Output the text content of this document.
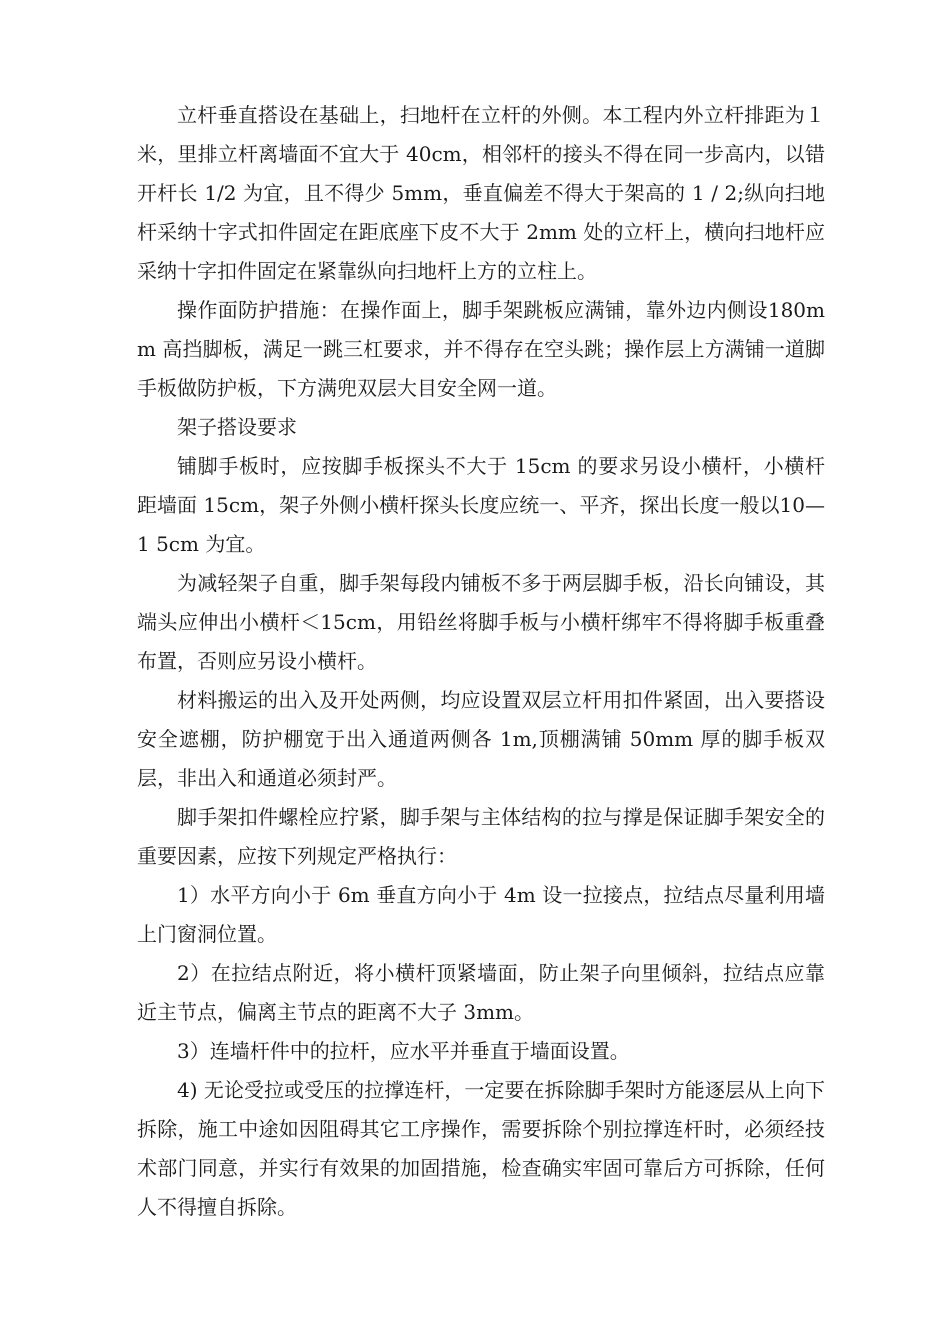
立杆垂直搭设在基础上，扫地杆在立杆的外侧。本工程内外立杆排距为１米，里排立杆离墙面不宜大于 40cm，相邻杆的接头不得在同一步高内，以错开杆长 1/2 为宜，且不得少 5mm，垂直偏差不得大于架高的 1 / 2;纵向扫地杆采纳十字式扣件固定在距底座下皮不大于 2mm 处的立杆上，横向扫地杆应采纳十字扣件固定在紧靠纵向扫地杆上方的立柱上。

操作面防护措施：在操作面上，脚手架跳板应满铺，靠外边内侧设180mm 高挡脚板，满足一跳三杠要求，并不得存在空头跳；操作层上方满铺一道脚手板做防护板，下方满兜双层大目安全网一道。

架子搭设要求

铺脚手板时，应按脚手板探头不大于 15cm 的要求另设小横杆，小横杆距墙面 15cm，架子外侧小横杆探头长度应统一、平齐，探出长度一般以10—1 5cm 为宜。

为减轻架子自重，脚手架每段内铺板不多于两层脚手板，沿长向铺设，其端头应伸出小横杆＜15cm，用铅丝将脚手板与小横杆绑牢不得将脚手板重叠布置，否则应另设小横杆。

材料搬运的出入及开处两侧，均应设置双层立杆用扣件紧固，出入要搭设安全遮棚，防护棚宽于出入通道两侧各 1m,顶棚满铺 50mm 厚的脚手板双层，非出入和通道必须封严。

脚手架扣件螺栓应拧紧，脚手架与主体结构的拉与撑是保证脚手架安全的重要因素，应按下列规定严格执行：

1）水平方向小于 6m 垂直方向小于 4m 设一拉接点，拉结点尽量利用墙上门窗洞位置。

2）在拉结点附近，将小横杆顶紧墙面，防止架子向里倾斜，拉结点应靠近主节点，偏离主节点的距离不大子 3mm。

3）连墙杆件中的拉杆，应水平并垂直于墙面设置。

4) 无论受拉或受压的拉撑连杆，一定要在拆除脚手架时方能逐层从上向下拆除，施工中途如因阻碍其它工序操作，需要拆除个别拉撑连杆时，必须经技术部门同意，并实行有效果的加固措施，检查确实牢固可靠后方可拆除，任何人不得擅自拆除。
